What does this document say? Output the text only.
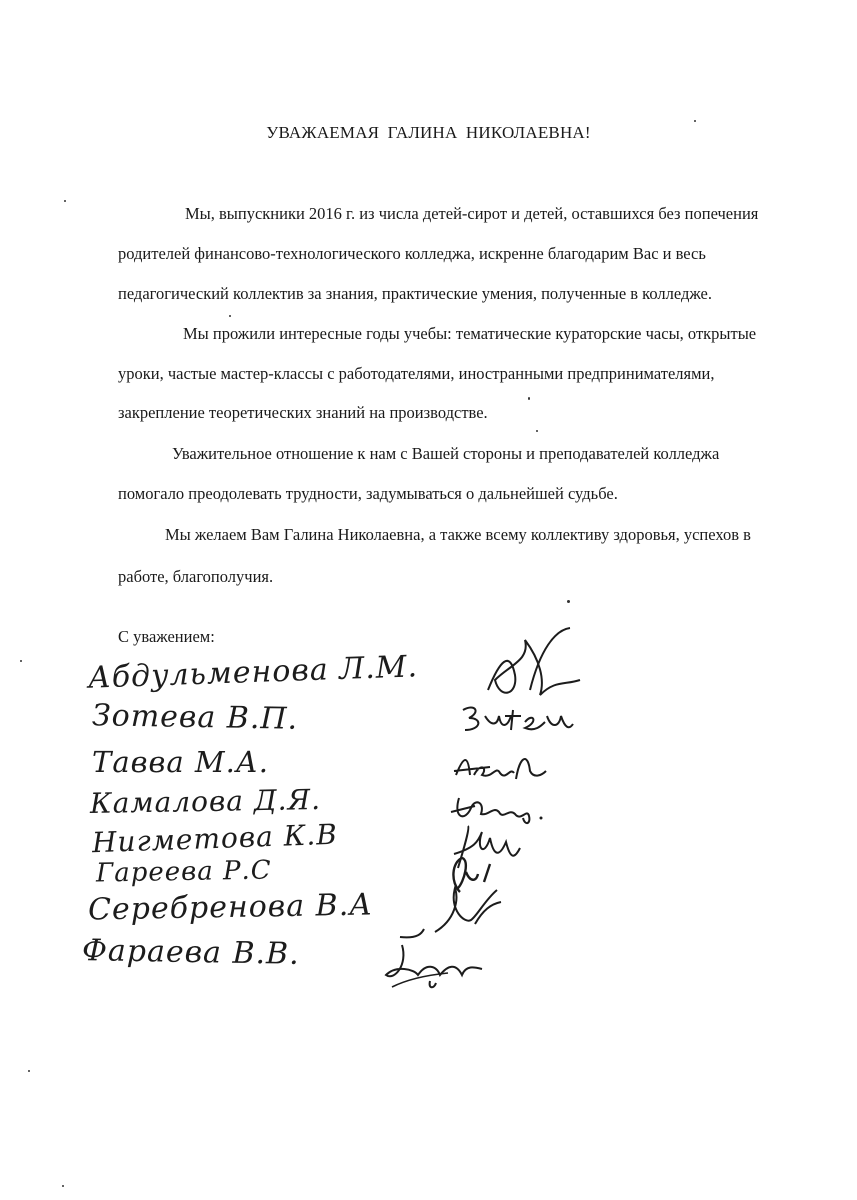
УВАЖАЕМАЯ ГАЛИНА НИКОЛАЕВНА!
Мы, выпускники 2016 г. из числа детей-сирот и детей, оставшихся без попечения
родителей финансово-технологического колледжа, искренне благодарим Вас и весь
педагогический коллектив за знания, практические умения, полученные в колледже.
Мы прожили интересные годы учебы: тематические кураторские часы, открытые
уроки, частые мастер-классы с работодателями, иностранными предпринимателями,
закрепление теоретических знаний на производстве.
Уважительное отношение к нам с Вашей стороны и преподавателей колледжа
помогало преодолевать трудности, задумываться о дальнейшей судьбе.
Мы желаем Вам Галина Николаевна, а также всему коллективу здоровья, успехов в
работе, благополучия.
С уважением:
Абдульменова Л.М.
Зотева В.П.
Тавва М.А.
Камалова Д.Я.
Нигметова К.В
Гареева Р.С
Серебренова В.А
Фараева В.В.
